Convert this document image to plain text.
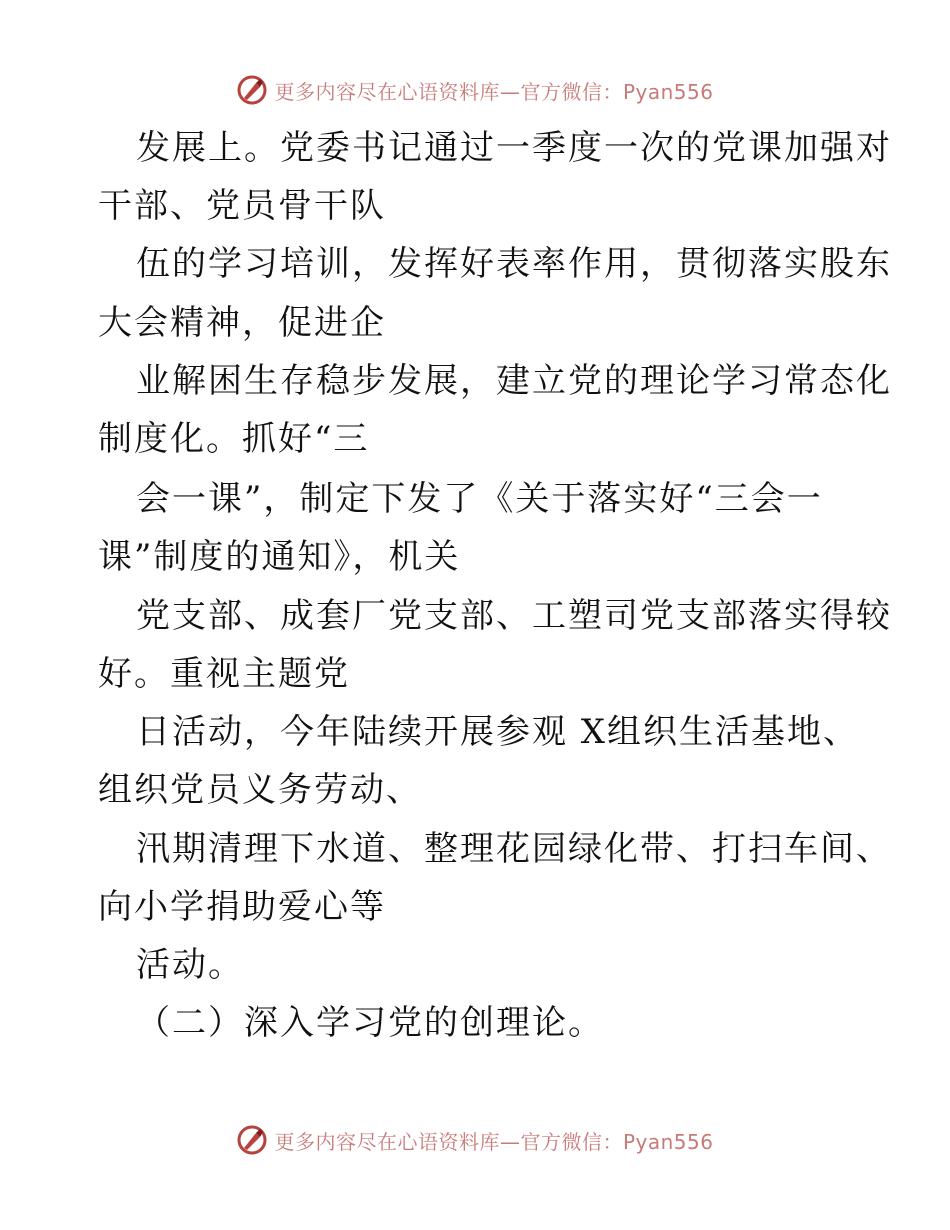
更多内容尽在心语资料库—官方微信：Pyan556
发展上。党委书记通过一季度一次的党课加强对
干部、党员骨干队
伍的学习培训，发挥好表率作用，贯彻落实股东
大会精神，促进企
业解困生存稳步发展，建立党的理论学习常态化
制度化。抓好“三
会一课”，制定下发了《关于落实好“三会一
课”制度的通知》，机关
党支部、成套厂党支部、工塑司党支部落实得较
好。重视主题党
日活动，今年陆续开展参观 X组织生活基地、
组织党员义务劳动、
汛期清理下水道、整理花园绿化带、打扫车间、
向小学捐助爱心等
活动。
（二）深入学习党的创理论。
更多内容尽在心语资料库—官方微信：Pyan556
